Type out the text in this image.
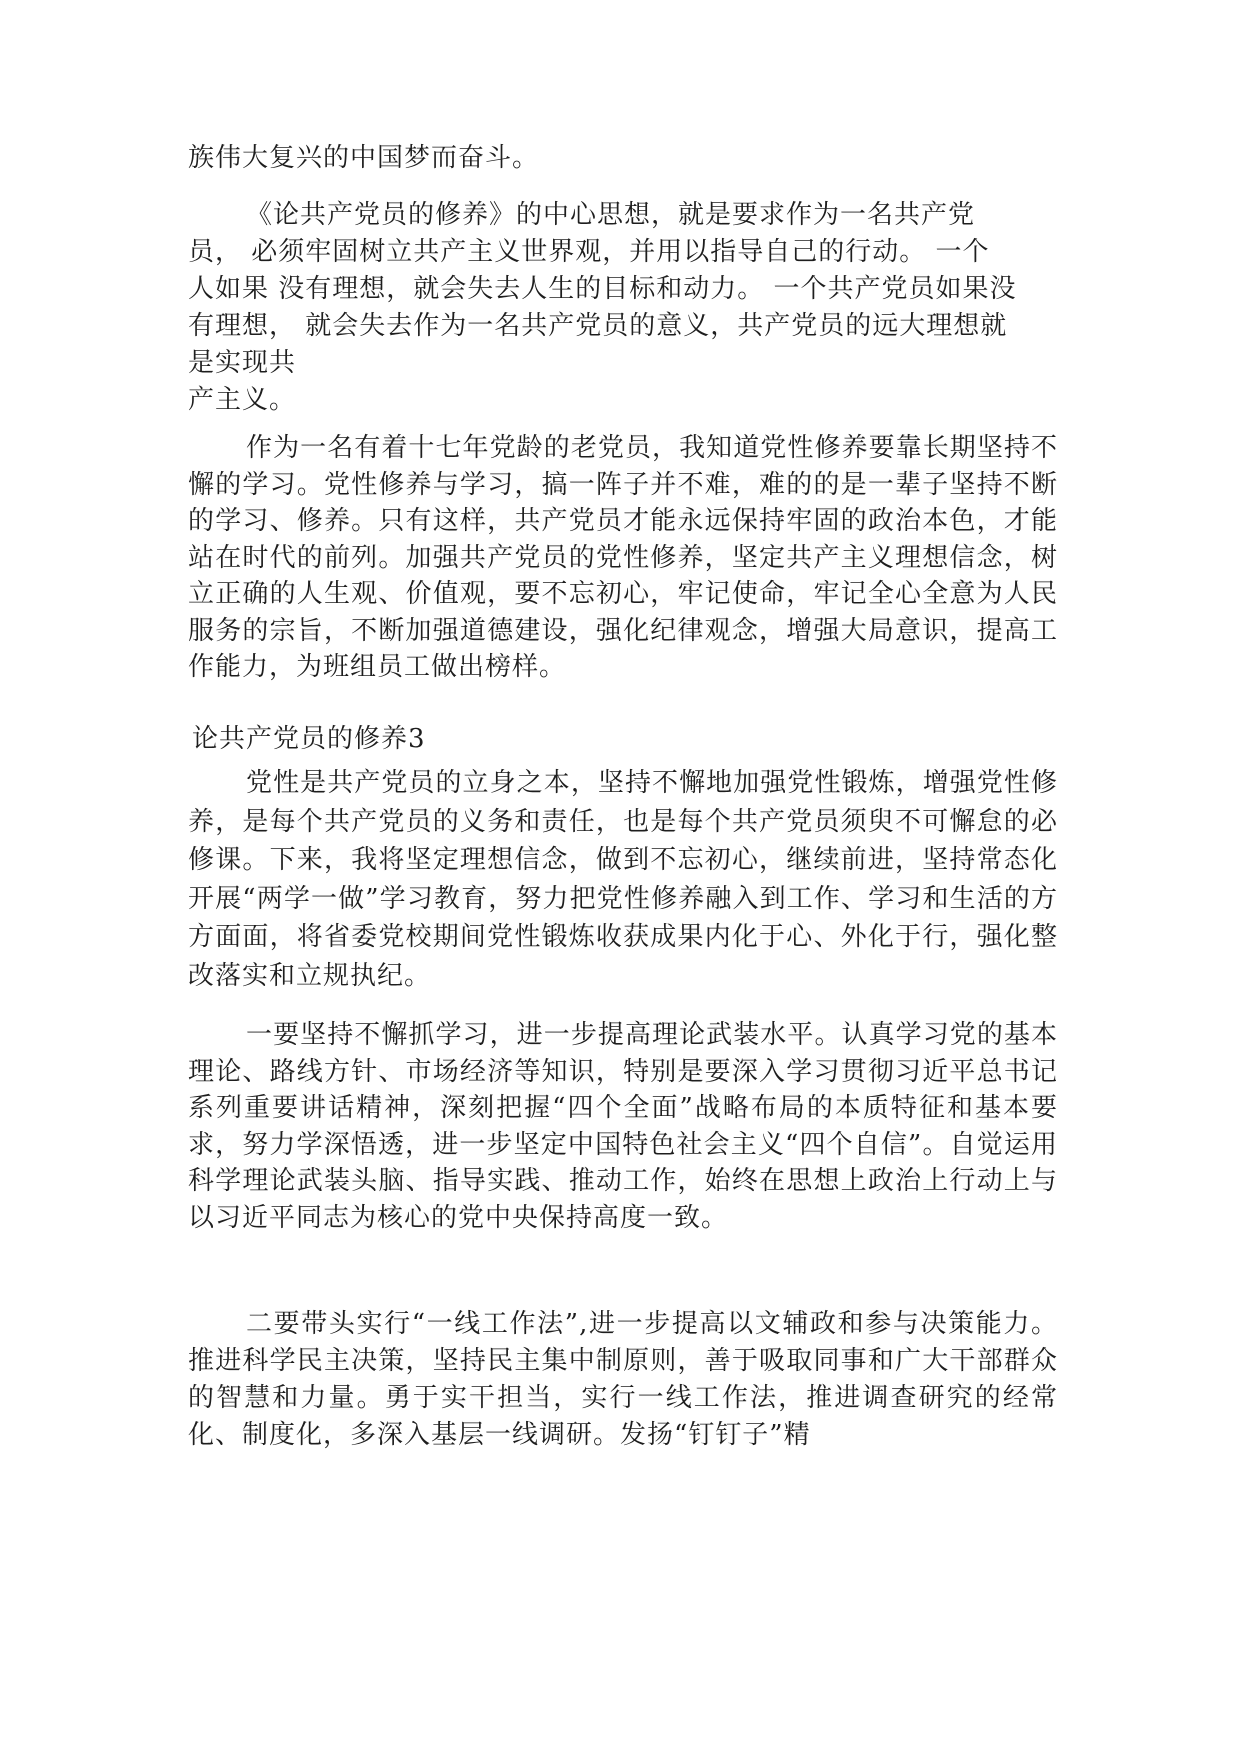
族伟大复兴的中国梦而奋斗。

《论共产党员的修养》的中心思想，就是要求作为一名共产党
员， 必须牢固树立共产主义世界观，并用以指导自己的行动。 一个
人如果 没有理想，就会失去人生的目标和动力。 一个共产党员如果没
有理想， 就会失去作为一名共产党员的意义，共产党员的远大理想就
是实现共
产主义。

作为一名有着十七年党龄的老党员，我知道党性修养要靠长期坚持不懈的学习。党性修养与学习，搞一阵子并不难，难的的是一辈子坚持不断的学习、修养。只有这样，共产党员才能永远保持牢固的政治本色，才能站在时代的前列。加强共产党员的党性修养，坚定共产主义理想信念，树立正确的人生观、价值观，要不忘初心，牢记使命，牢记全心全意为人民服务的宗旨，不断加强道德建设，强化纪律观念，增强大局意识，提高工作能力，为班组员工做出榜样。

论共产党员的修养3

党性是共产党员的立身之本，坚持不懈地加强党性锻炼，增强党性修养，是每个共产党员的义务和责任，也是每个共产党员须臾不可懈怠的必修课。下来，我将坚定理想信念，做到不忘初心，继续前进，坚持常态化开展“两学一做”学习教育，努力把党性修养融入到工作、学习和生活的方方面面，将省委党校期间党性锻炼收获成果内化于心、外化于行，强化整改落实和立规执纪。

一要坚持不懈抓学习，进一步提高理论武装水平。认真学习党的基本理论、路线方针、市场经济等知识，特别是要深入学习贯彻习近平总书记系列重要讲话精神，深刻把握“四个全面”战略布局的本质特征和基本要求，努力学深悟透，进一步坚定中国特色社会主义“四个自信”。自觉运用科学理论武装头脑、指导实践、推动工作，始终在思想上政治上行动上与以习近平同志为核心的党中央保持高度一致。

二要带头实行“一线工作法”,进一步提高以文辅政和参与决策能力。推进科学民主决策，坚持民主集中制原则，善于吸取同事和广大干部群众的智慧和力量。勇于实干担当，实行一线工作法，推进调查研究的经常化、制度化，多深入基层一线调研。发扬“钉钉子”精
